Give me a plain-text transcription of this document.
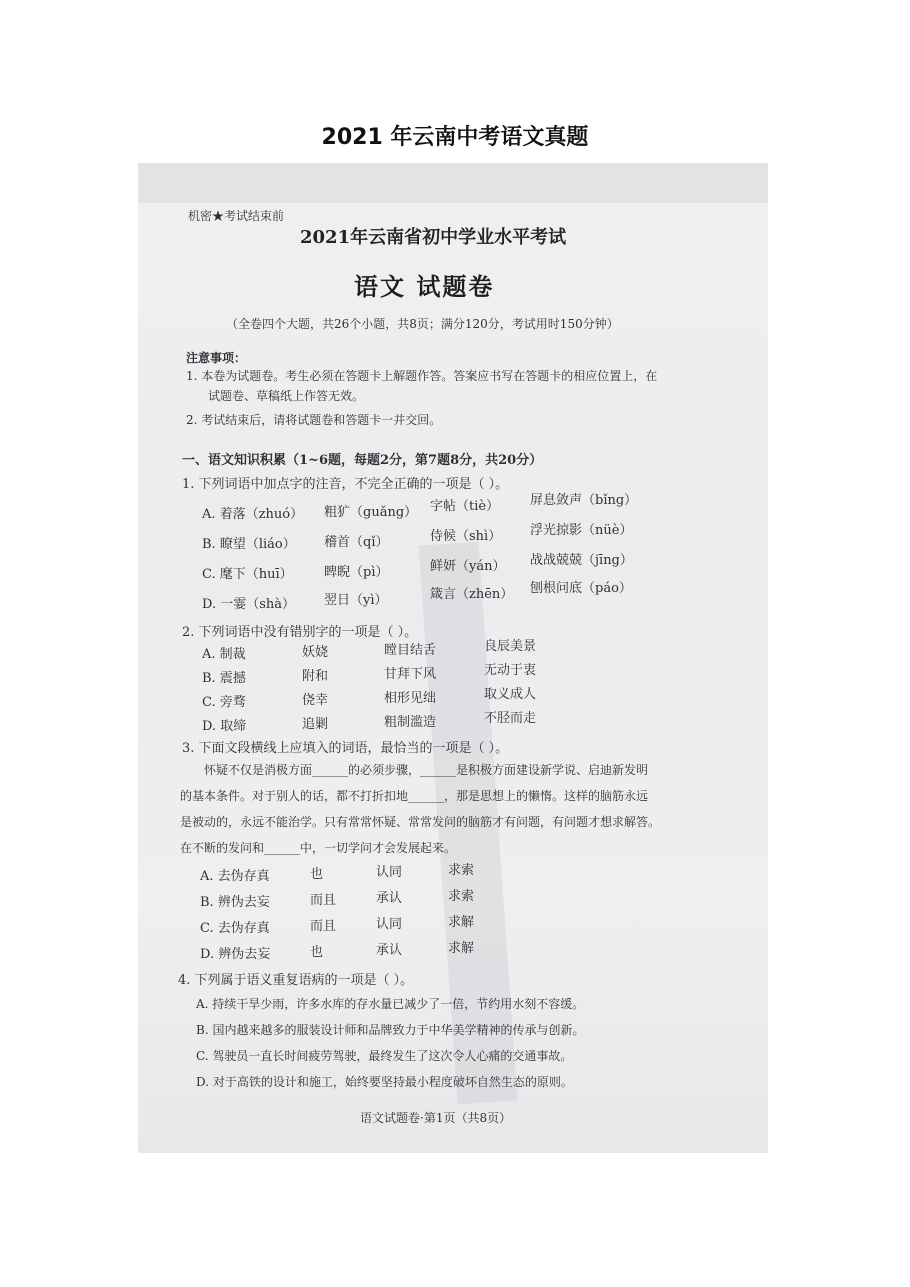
2021 年云南中考语文真题
机密★考试结束前
2021年云南省初中学业水平考试
语文 试题卷
（全卷四个大题，共26个小题，共8页；满分120分，考试用时150分钟）
注意事项：
1. 本卷为试题卷。考生必须在答题卡上解题作答。答案应书写在答题卡的相应位置上，在
试题卷、草稿纸上作答无效。
2. 考试结束后，请将试题卷和答题卡一并交回。
一、语文知识积累（1~6题，每题2分，第7题8分，共20分）
1. 下列词语中加点字的注音，不完全正确的一项是（ ）。
A. 着落（zhuó） 粗犷（guǎng） 字帖（tiè） 屏息敛声（bǐng）
B. 瞭望（liáo） 稽首（qǐ）	侍候（shì） 浮光掠影（nüè）
C. 麾下（huī） 睥睨（pì）	鲜妍（yán） 战战兢兢（jīng）
D. 一霎（shà） 翌日（yì）	箴言（zhēn） 刨根问底（páo）
2. 下列词语中没有错别字的一项是（ ）。
A. 制裁	妖娆	瞠目结舌	良辰美景
B. 震撼	附和	甘拜下风	无动于衷
C. 旁骛	侥幸	相形见绌	取义成人
D. 取缔	追剿	粗制滥造	不胫而走
3. 下面文段横线上应填入的词语，最恰当的一项是（ ）。
怀疑不仅是消极方面______的必须步骤，______是积极方面建设新学说、启迪新发明
的基本条件。对于别人的话，都不打折扣地______，那是思想上的懒惰。这样的脑筋永远
是被动的，永远不能治学。只有常常怀疑、常常发问的脑筋才有问题，有问题才想求解答。
在不断的发问和______中，一切学问才会发展起来。
A. 去伪存真	也	认同	求索
B. 辨伪去妄	而且	承认	求索
C. 去伪存真	而且	认同	求解
D. 辨伪去妄	也	承认	求解
4. 下列属于语义重复语病的一项是（ ）。
A. 持续干旱少雨，许多水库的存水量已减少了一倍，节约用水刻不容缓。
B. 国内越来越多的服装设计师和品牌致力于中华美学精神的传承与创新。
C. 驾驶员一直长时间疲劳驾驶，最终发生了这次令人心痛的交通事故。
D. 对于高铁的设计和施工，始终要坚持最小程度破坏自然生态的原则。
语文试题卷·第1页（共8页）
